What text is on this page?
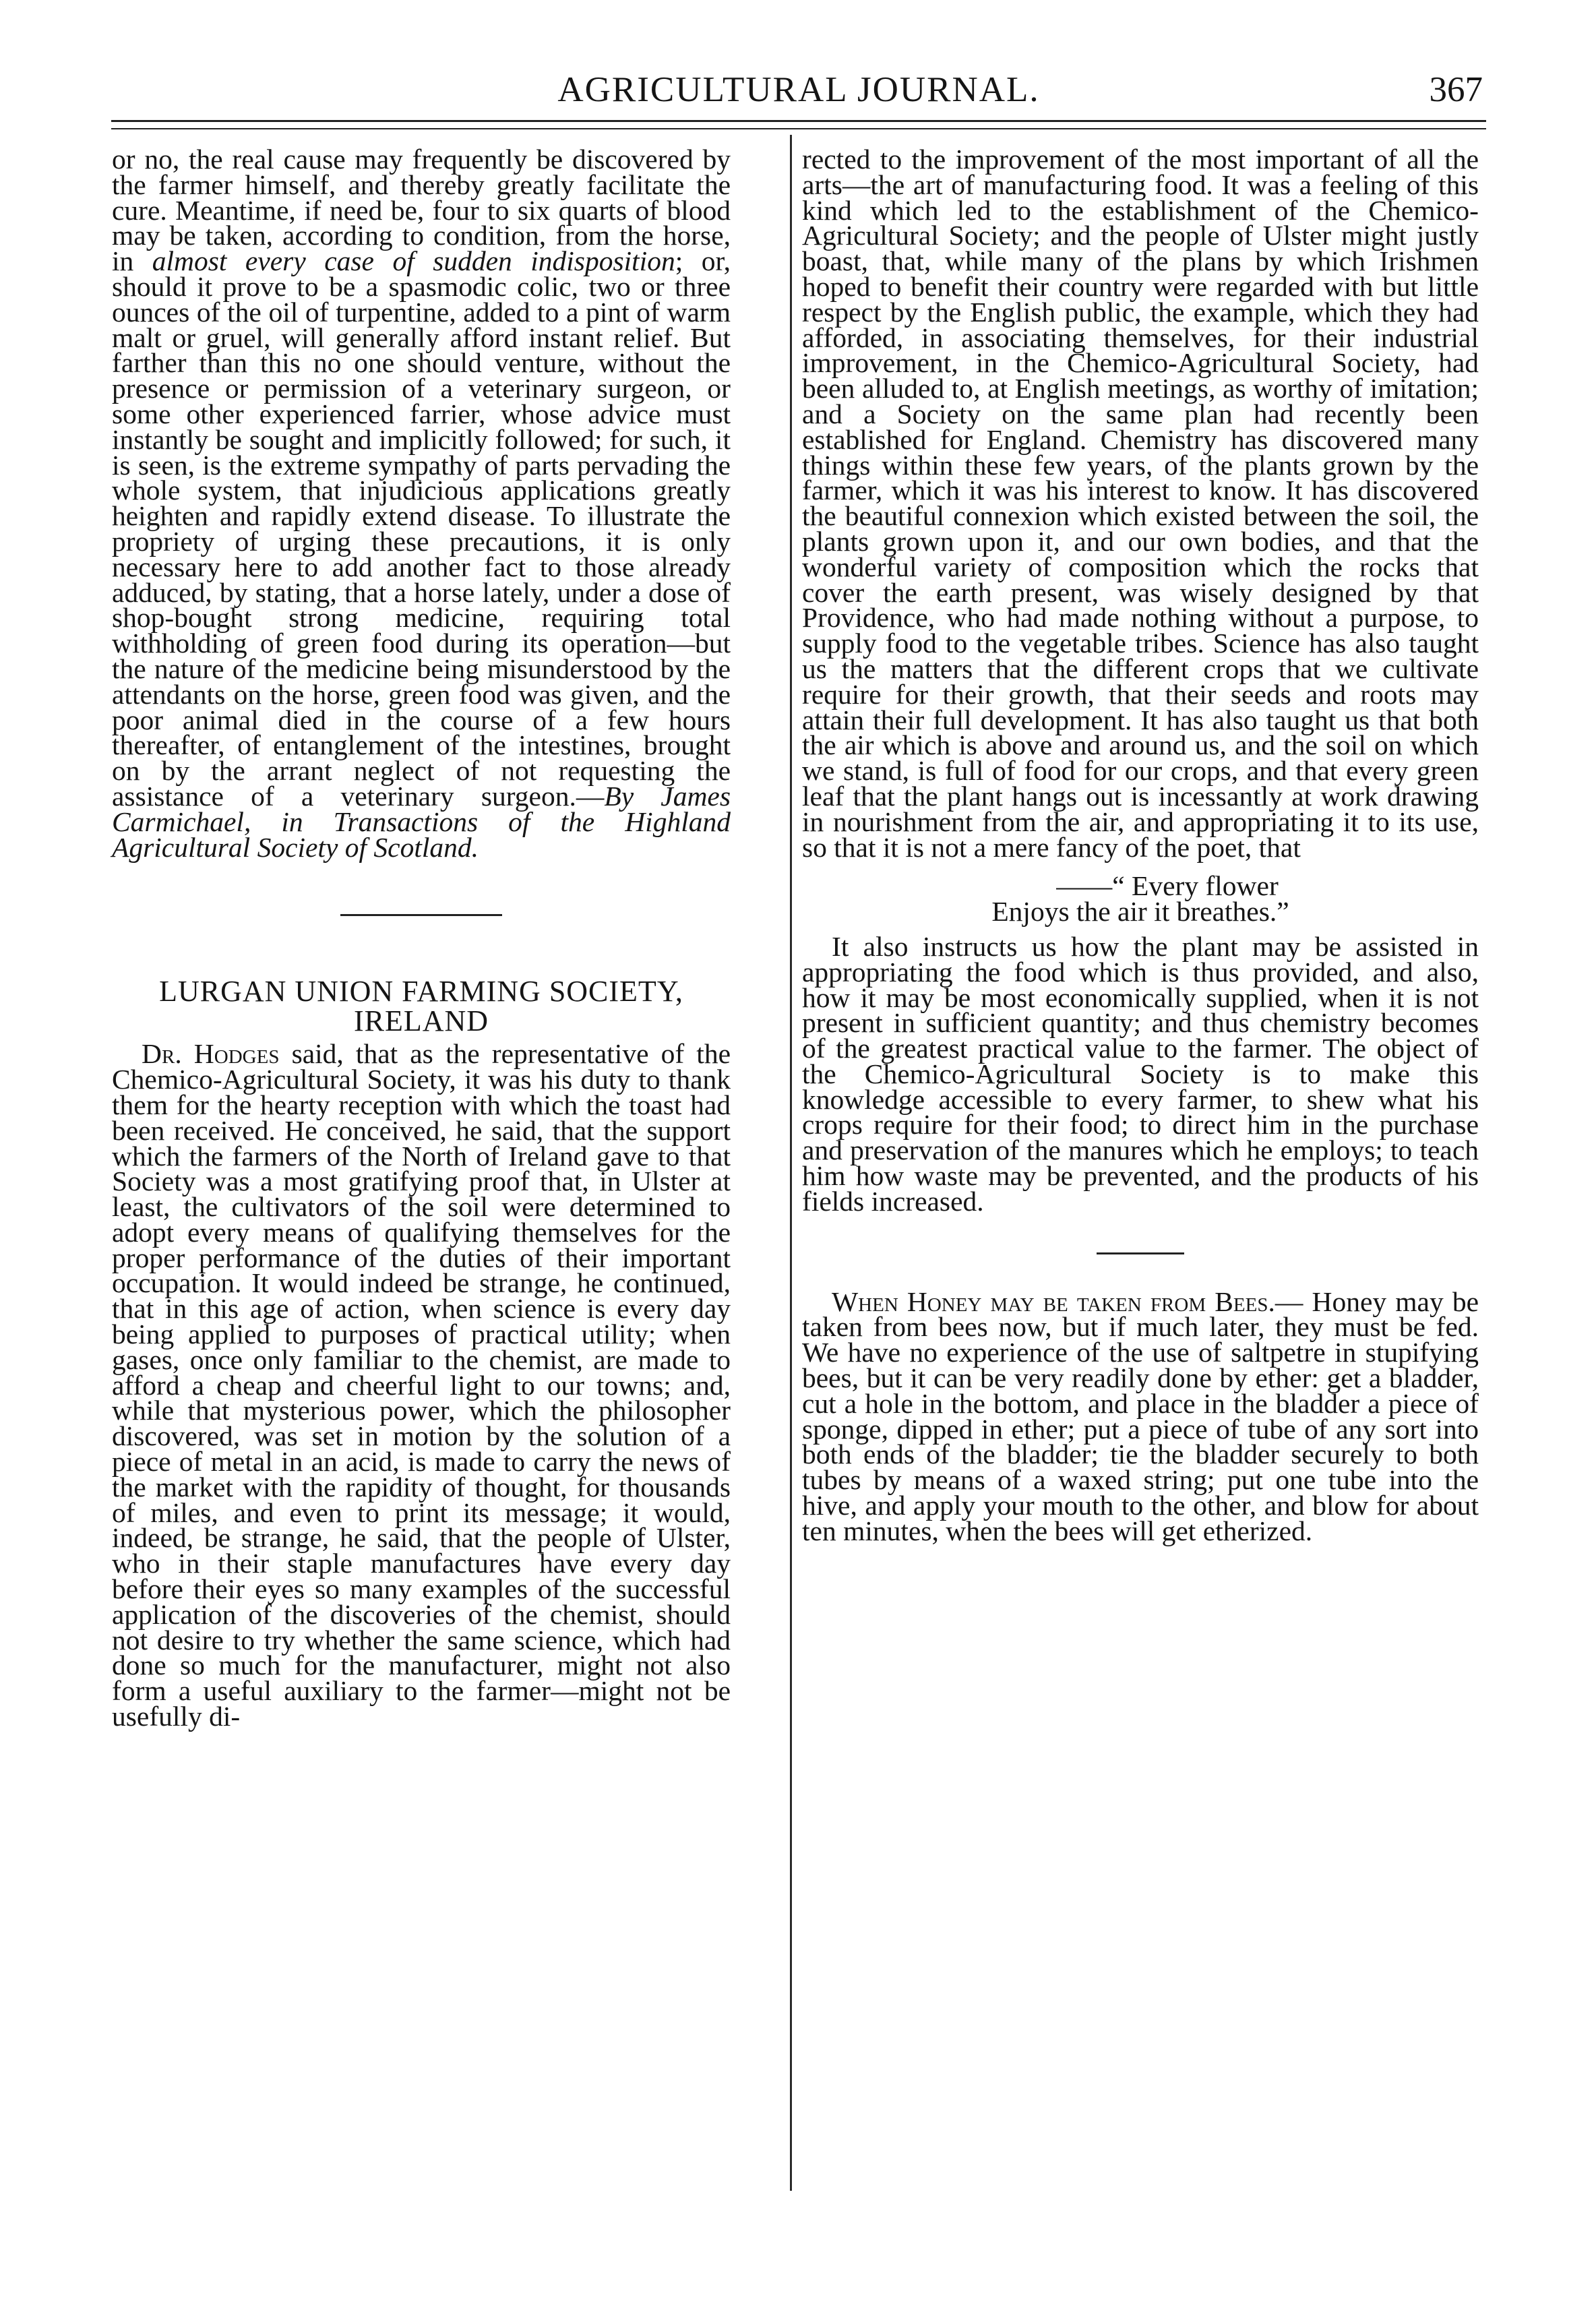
AGRICULTURAL JOURNAL.	367

or no, the real cause may frequently be discovered by the farmer himself, and thereby greatly facilitate the cure. Meantime, if need be, four to six quarts of blood may be taken, according to condition, from the horse, in almost every case of sudden indisposition; or, should it prove to be a spasmodic colic, two or three ounces of the oil of turpentine, added to a pint of warm malt or gruel, will generally afford instant relief. But farther than this no one should venture, without the presence or permission of a veterinary surgeon, or some other experienced farrier, whose advice must instantly be sought and implicitly followed; for such, it is seen, is the extreme sympathy of parts pervading the whole system, that injudicious applications greatly heighten and rapidly extend disease. To illustrate the propriety of urging these precautions, it is only necessary here to add another fact to those already adduced, by stating, that a horse lately, under a dose of shop-bought strong medicine, requiring total withholding of green food during its operation—but the nature of the medicine being misunderstood by the attendants on the horse, green food was given, and the poor animal died in the course of a few hours thereafter, of entanglement of the intestines, brought on by the arrant neglect of not requesting the assistance of a veterinary surgeon.—By James Carmichael, in Transactions of the Highland Agricultural Society of Scotland.

LURGAN UNION FARMING SOCIETY,
IRELAND

Dr. Hodges said, that as the representative of the Chemico-Agricultural Society, it was his duty to thank them for the hearty reception with which the toast had been received. He conceived, he said, that the support which the farmers of the North of Ireland gave to that Society was a most gratifying proof that, in Ulster at least, the cultivators of the soil were determined to adopt every means of qualifying themselves for the proper performance of the duties of their important occupation. It would indeed be strange, he continued, that in this age of action, when science is every day being applied to purposes of practical utility; when gases, once only familiar to the chemist, are made to afford a cheap and cheerful light to our towns; and, while that mysterious power, which the philosopher discovered, was set in motion by the solution of a piece of metal in an acid, is made to carry the news of the market with the rapidity of thought, for thousands of miles, and even to print its message; it would, indeed, be strange, he said, that the people of Ulster, who in their staple manufactures have every day before their eyes so many examples of the successful application of the discoveries of the chemist, should not desire to try whether the same science, which had done so much for the manufacturer, might not also form a useful auxiliary to the farmer—might not be usefully di-

rected to the improvement of the most important of all the arts—the art of manufacturing food. It was a feeling of this kind which led to the establishment of the Chemico-Agricultural Society; and the people of Ulster might justly boast, that, while many of the plans by which Irishmen hoped to benefit their country were regarded with but little respect by the English public, the example, which they had afforded, in associating themselves, for their industrial improvement, in the Chemico-Agricultural Society, had been alluded to, at English meetings, as worthy of imitation; and a Society on the same plan had recently been established for England. Chemistry has discovered many things within these few years, of the plants grown by the farmer, which it was his interest to know. It has discovered the beautiful connexion which existed between the soil, the plants grown upon it, and our own bodies, and that the wonderful variety of composition which the rocks that cover the earth present, was wisely designed by that Providence, who had made nothing without a purpose, to supply food to the vegetable tribes. Science has also taught us the matters that the different crops that we cultivate require for their growth, that their seeds and roots may attain their full development. It has also taught us that both the air which is above and around us, and the soil on which we stand, is full of food for our crops, and that every green leaf that the plant hangs out is incessantly at work drawing in nourishment from the air, and appropriating it to its use, so that it is not a mere fancy of the poet, that

——“ Every flower
Enjoys the air it breathes.”

It also instructs us how the plant may be assisted in appropriating the food which is thus provided, and also, how it may be most economically supplied, when it is not present in sufficient quantity; and thus chemistry becomes of the greatest practical value to the farmer. The object of the Chemico-Agricultural Society is to make this knowledge accessible to every farmer, to shew what his crops require for their food; to direct him in the purchase and preservation of the manures which he employs; to teach him how waste may be prevented, and the products of his fields increased.

When Honey may be taken from Bees.— Honey may be taken from bees now, but if much later, they must be fed. We have no experience of the use of saltpetre in stupifying bees, but it can be very readily done by ether: get a bladder, cut a hole in the bottom, and place in the bladder a piece of sponge, dipped in ether; put a piece of tube of any sort into both ends of the bladder; tie the bladder securely to both tubes by means of a waxed string; put one tube into the hive, and apply your mouth to the other, and blow for about ten minutes, when the bees will get etherized.
